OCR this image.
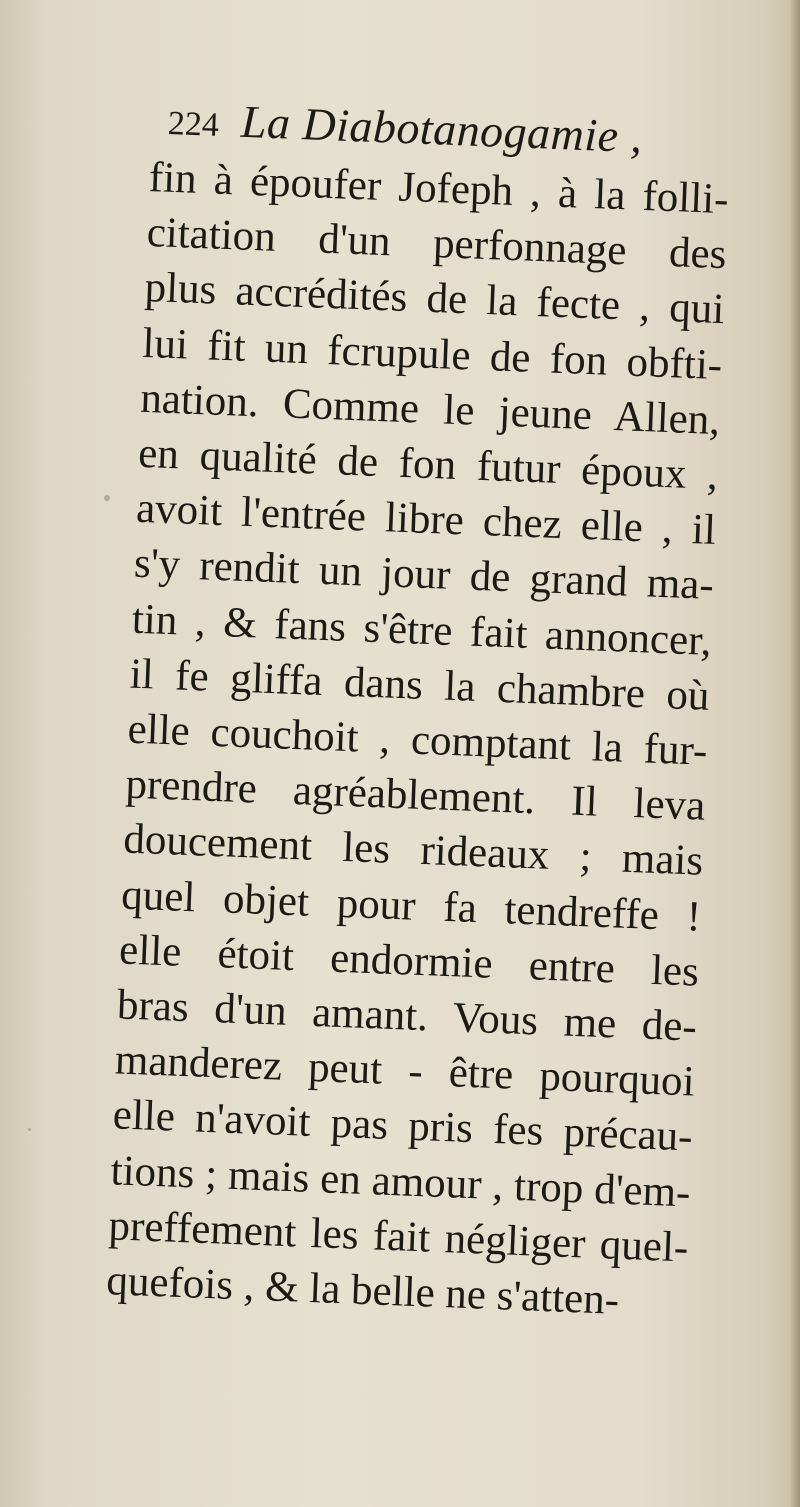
224 La Diabotanogamie ,
fin à époufer Jofeph , à la folli-
citation d'un perfonnage des
plus accrédités de la fecte , qui
lui fit un fcrupule de fon obfti-
nation. Comme le jeune Allen,
en qualité de fon futur époux ,
avoit l'entrée libre chez elle , il
s'y rendit un jour de grand ma-
tin , & fans s'être fait annoncer,
il fe gliffa dans la chambre où
elle couchoit , comptant la fur-
prendre agréablement. Il leva
doucement les rideaux ; mais
quel objet pour fa tendreffe !
elle étoit endormie entre les
bras d'un amant. Vous me de-
manderez peut - être pourquoi
elle n'avoit pas pris fes précau-
tions ; mais en amour , trop d'em-
preffement les fait négliger quel-
quefois , & la belle ne s'atten-
